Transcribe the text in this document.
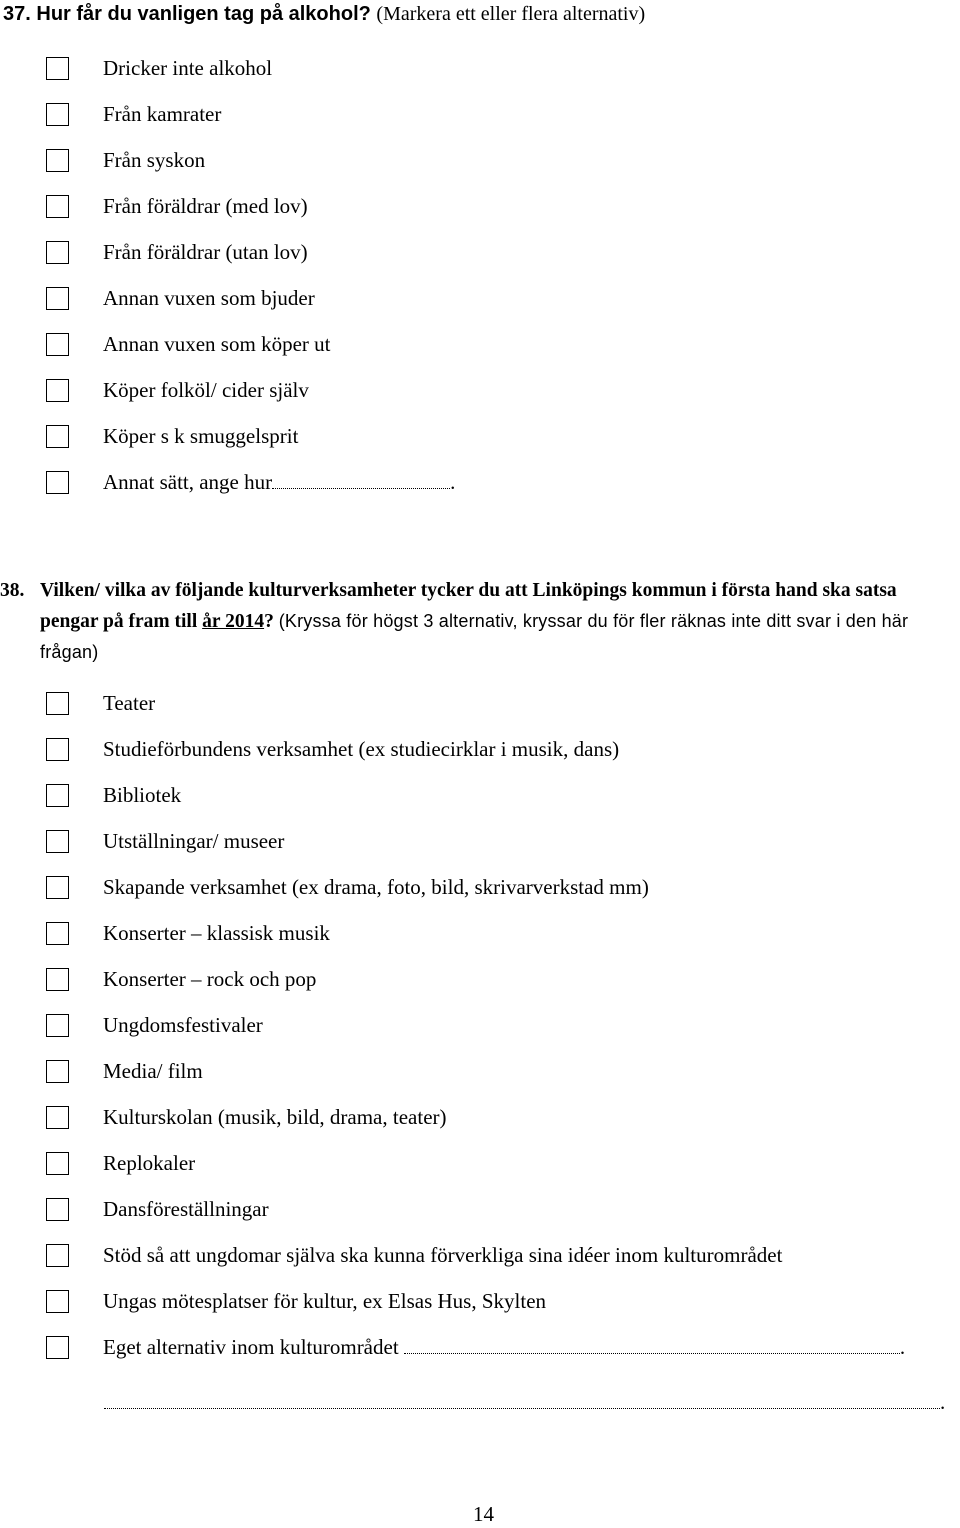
37. Hur får du vanligen tag på alkohol? (Markera ett eller flera alternativ)
Dricker inte alkohol
Från kamrater
Från syskon
Från föräldrar (med lov)
Från föräldrar (utan lov)
Annan vuxen som bjuder
Annan vuxen som köper ut
Köper folköl/ cider själv
Köper s k smuggelsprit
Annat sätt, ange hur	.
38. Vilken/ vilka av följande kulturverksamheter tycker du att Linköpings kommun i första hand ska satsa pengar på fram till år 2014? (Kryssa för högst 3 alternativ, kryssar du för fler räknas inte ditt svar i den här frågan)
Teater
Studieförbundens verksamhet (ex studiecirklar i musik, dans)
Bibliotek
Utställningar/ museer
Skapande verksamhet (ex drama, foto, bild, skrivarverkstad mm)
Konserter – klassisk musik
Konserter – rock och pop
Ungdomsfestivaler
Media/ film
Kulturskolan (musik, bild, drama, teater)
Replokaler
Dansföreställningar
Stöd så att ungdomar själva ska kunna förverkliga sina idéer inom kulturområdet
Ungas mötesplatser för kultur, ex Elsas Hus, Skylten
Eget alternativ inom kulturområdet	.
.
14
